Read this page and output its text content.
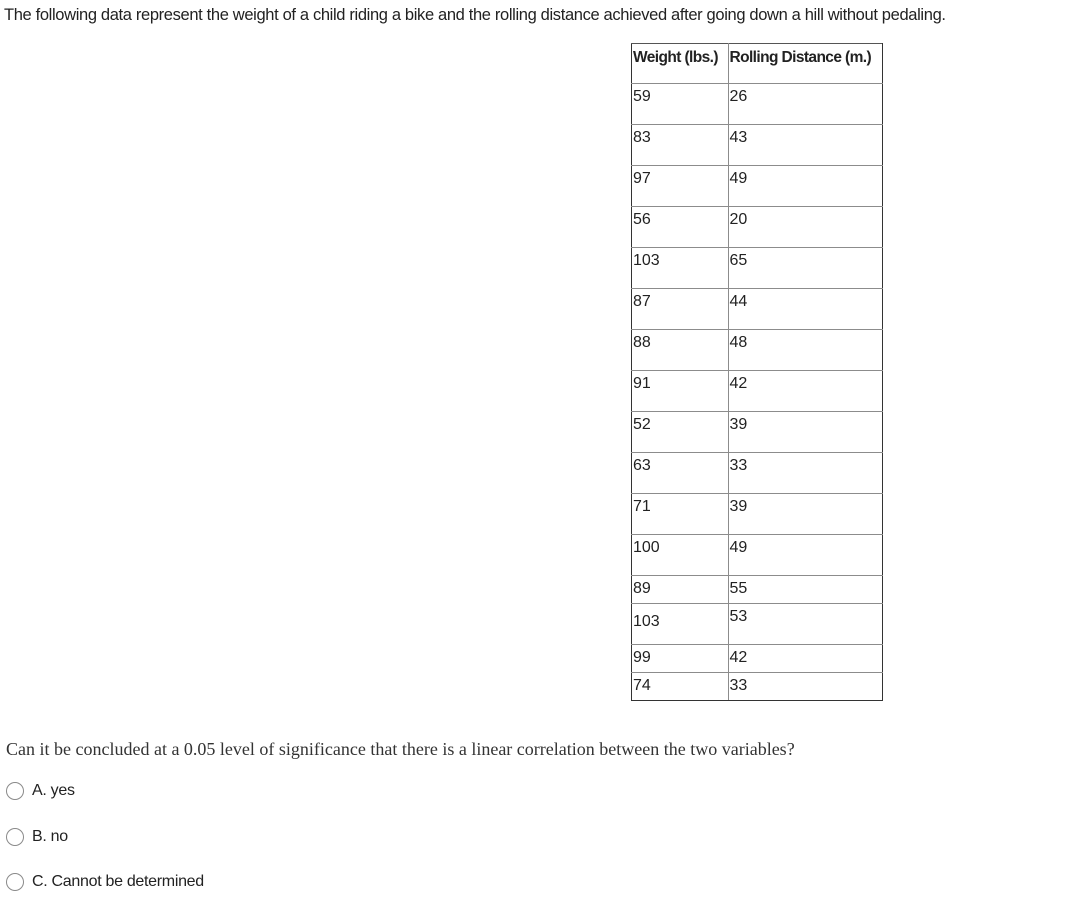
The following data represent the weight of a child riding a bike and the rolling distance achieved after going down a hill without pedaling.

Weight (lbs.)	Rolling Distance (m.)
59	26
83	43
97	49
56	20
103	65
87	44
88	48
91	42
52	39
63	33
71	39
100	49
89	55
103	53
99	42
74	33

Can it be concluded at a 0.05 level of significance that there is a linear correlation between the two variables?

A. yes
B. no
C. Cannot be determined
